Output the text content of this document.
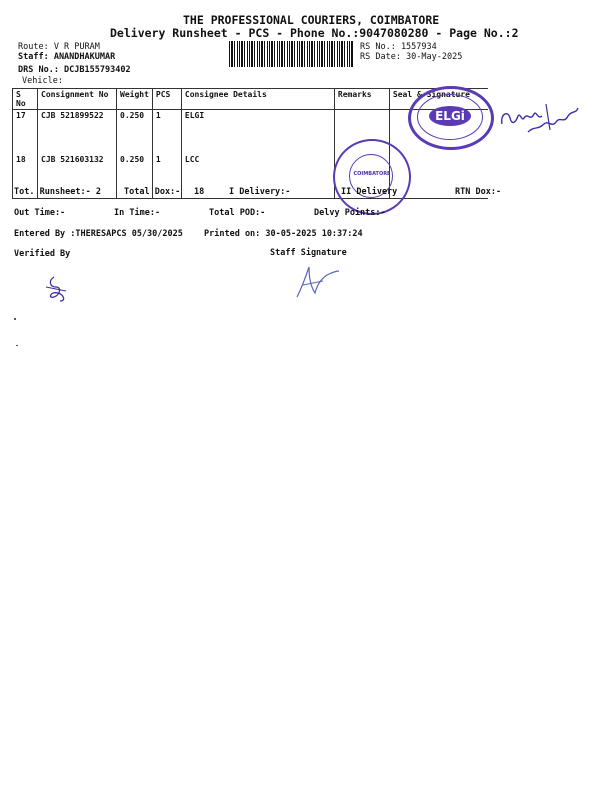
THE PROFESSIONAL COURIERS, COIMBATORE
Delivery Runsheet - PCS - Phone No.:9047080280 - Page No.:2
Route: V R PURAM
Staff: ANANDHAKUMAR
DRS No.: DCJB155793402
Vehicle:
RS No.: 1557934
RS Date: 30-May-2025
S No	Consignment No	Weight	PCS	Consignee Details	Remarks	Seal & Signature
17	CJB 521899522	0.250	1	ELGI		
18	CJB 521603132	0.250	1	LCC		
ELGi
COIMBATORE
Tot. Runsheet:- 2	Total Dox:- 18	I Delivery:-	II Delivery	RTN Dox:-
Out Time:-	In Time:-	Total POD:-	Delvy Points:-
Entered By :THERESAPCS 05/30/2025 Printed on: 30-05-2025 10:37:24
Verified By	Staff Signature
